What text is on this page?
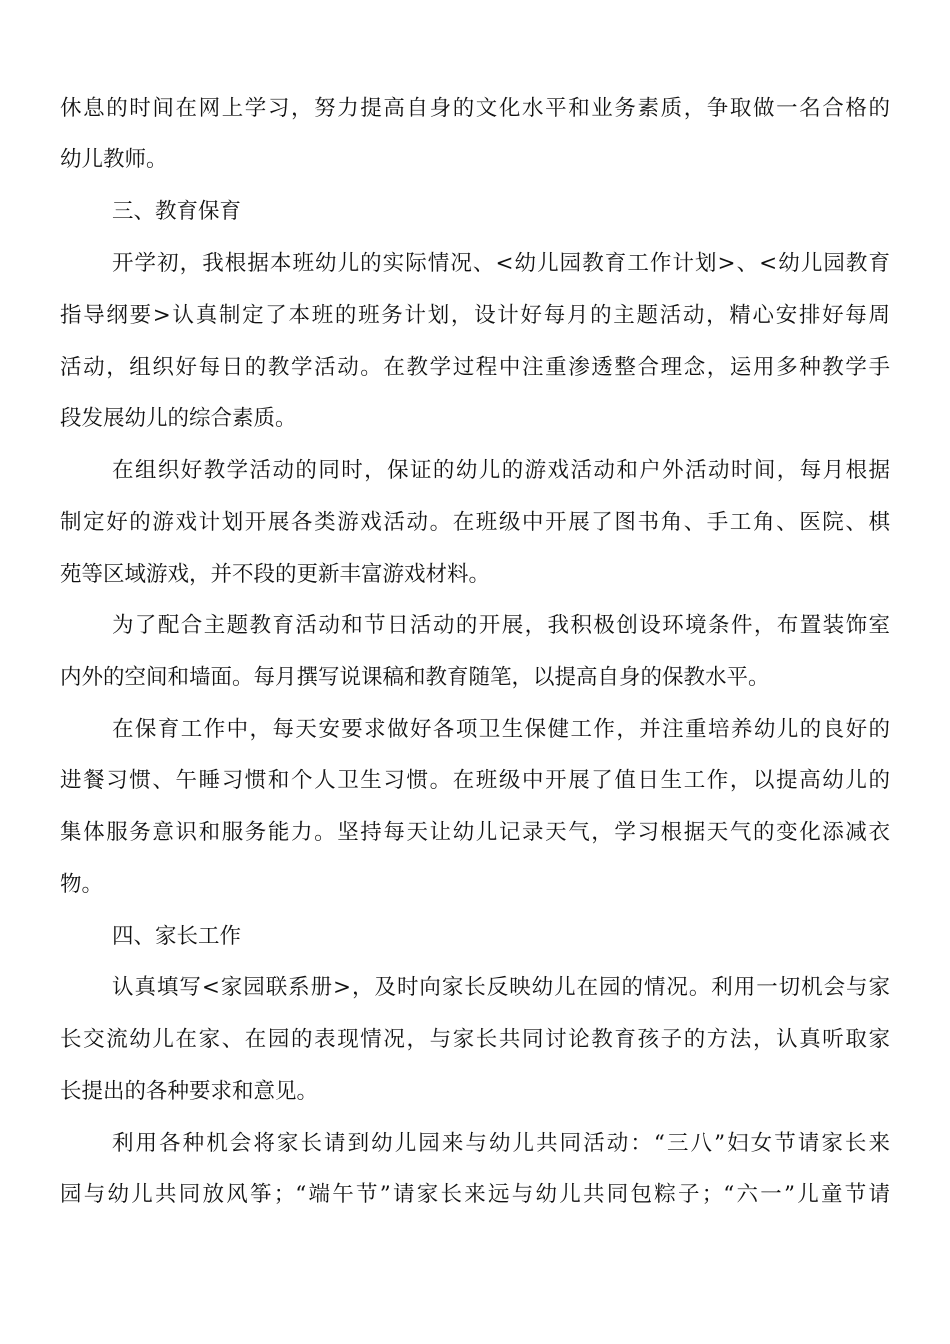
休息的时间在网上学习，努力提高自身的文化水平和业务素质，争取做一名合格的
幼儿教师。
三、教育保育
开学初，我根据本班幼儿的实际情况、<幼儿园教育工作计划>、<幼儿园教育
指导纲要>认真制定了本班的班务计划，设计好每月的主题活动，精心安排好每周
活动，组织好每日的教学活动。在教学过程中注重渗透整合理念，运用多种教学手
段发展幼儿的综合素质。
在组织好教学活动的同时，保证的幼儿的游戏活动和户外活动时间，每月根据
制定好的游戏计划开展各类游戏活动。在班级中开展了图书角、手工角、医院、棋
苑等区域游戏，并不段的更新丰富游戏材料。
为了配合主题教育活动和节日活动的开展，我积极创设环境条件，布置装饰室
内外的空间和墙面。每月撰写说课稿和教育随笔，以提高自身的保教水平。
在保育工作中，每天安要求做好各项卫生保健工作，并注重培养幼儿的良好的
进餐习惯、午睡习惯和个人卫生习惯。在班级中开展了值日生工作，以提高幼儿的
集体服务意识和服务能力。坚持每天让幼儿记录天气，学习根据天气的变化添减衣
物。
四、家长工作
认真填写<家园联系册>，及时向家长反映幼儿在园的情况。利用一切机会与家
长交流幼儿在家、在园的表现情况，与家长共同讨论教育孩子的方法，认真听取家
长提出的各种要求和意见。
利用各种机会将家长请到幼儿园来与幼儿共同活动：“三八”妇女节请家长来
园与幼儿共同放风筝；“端午节”请家长来远与幼儿共同包粽子；“六一”儿童节请
